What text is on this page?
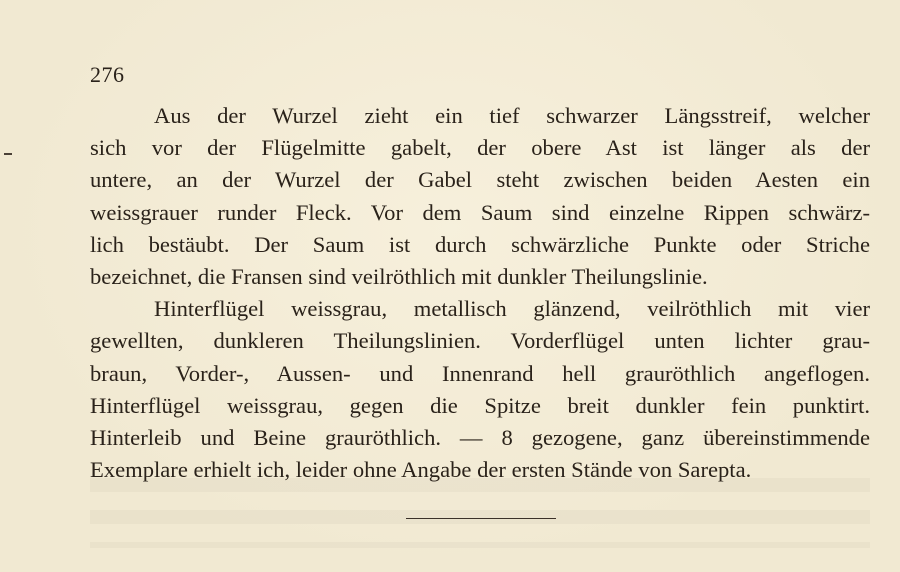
276
Aus der Wurzel zieht ein tief schwarzer Längsstreif, welcher
sich vor der Flügelmitte gabelt, der obere Ast ist länger als der
untere, an der Wurzel der Gabel steht zwischen beiden Aesten ein
weissgrauer runder Fleck. Vor dem Saum sind einzelne Rippen schwärz-
lich bestäubt. Der Saum ist durch schwärzliche Punkte oder Striche
bezeichnet, die Fransen sind veilröthlich mit dunkler Theilungslinie.
Hinterflügel weissgrau, metallisch glänzend, veilröthlich mit vier
gewellten, dunkleren Theilungslinien. Vorderflügel unten lichter grau-
braun, Vorder-, Aussen- und Innenrand hell grauröthlich angeflogen.
Hinterflügel weissgrau, gegen die Spitze breit dunkler fein punktirt.
Hinterleib und Beine grauröthlich. — 8 gezogene, ganz übereinstimmende
Exemplare erhielt ich, leider ohne Angabe der ersten Stände von Sarepta.
